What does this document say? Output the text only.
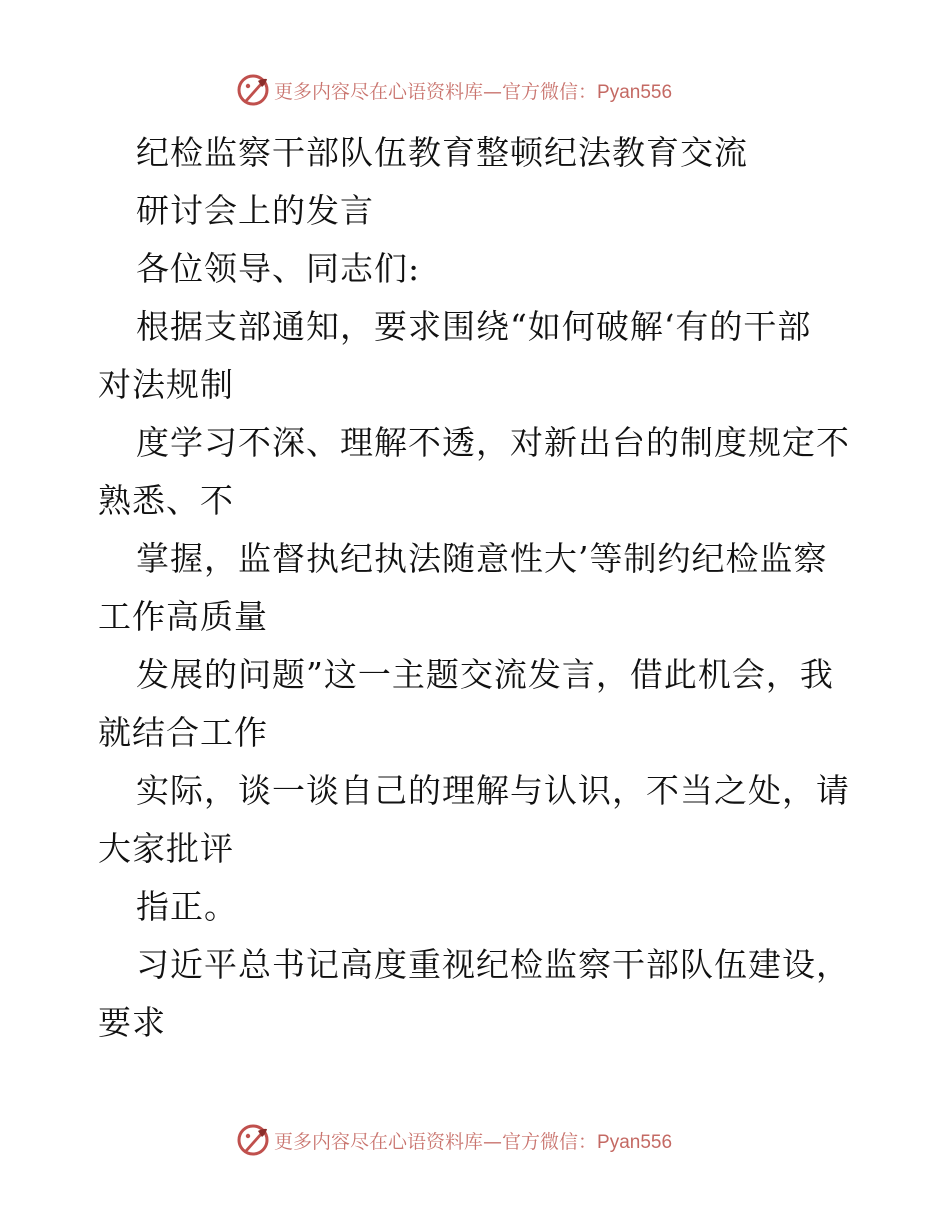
更多内容尽在心语资料库—官方微信：Pyan556
纪检监察干部队伍教育整顿纪法教育交流
研讨会上的发言
各位领导、同志们:
根据支部通知，要求围绕“如何破解‘有的干部
对法规制
度学习不深、理解不透，对新出台的制度规定不
熟悉、不
掌握，监督执纪执法随意性大’等制约纪检监察
工作高质量
发展的问题”这一主题交流发言，借此机会，我
就结合工作
实际，谈一谈自己的理解与认识，不当之处，请
大家批评
指正。
习近平总书记高度重视纪检监察干部队伍建设，
要求
更多内容尽在心语资料库—官方微信：Pyan556
